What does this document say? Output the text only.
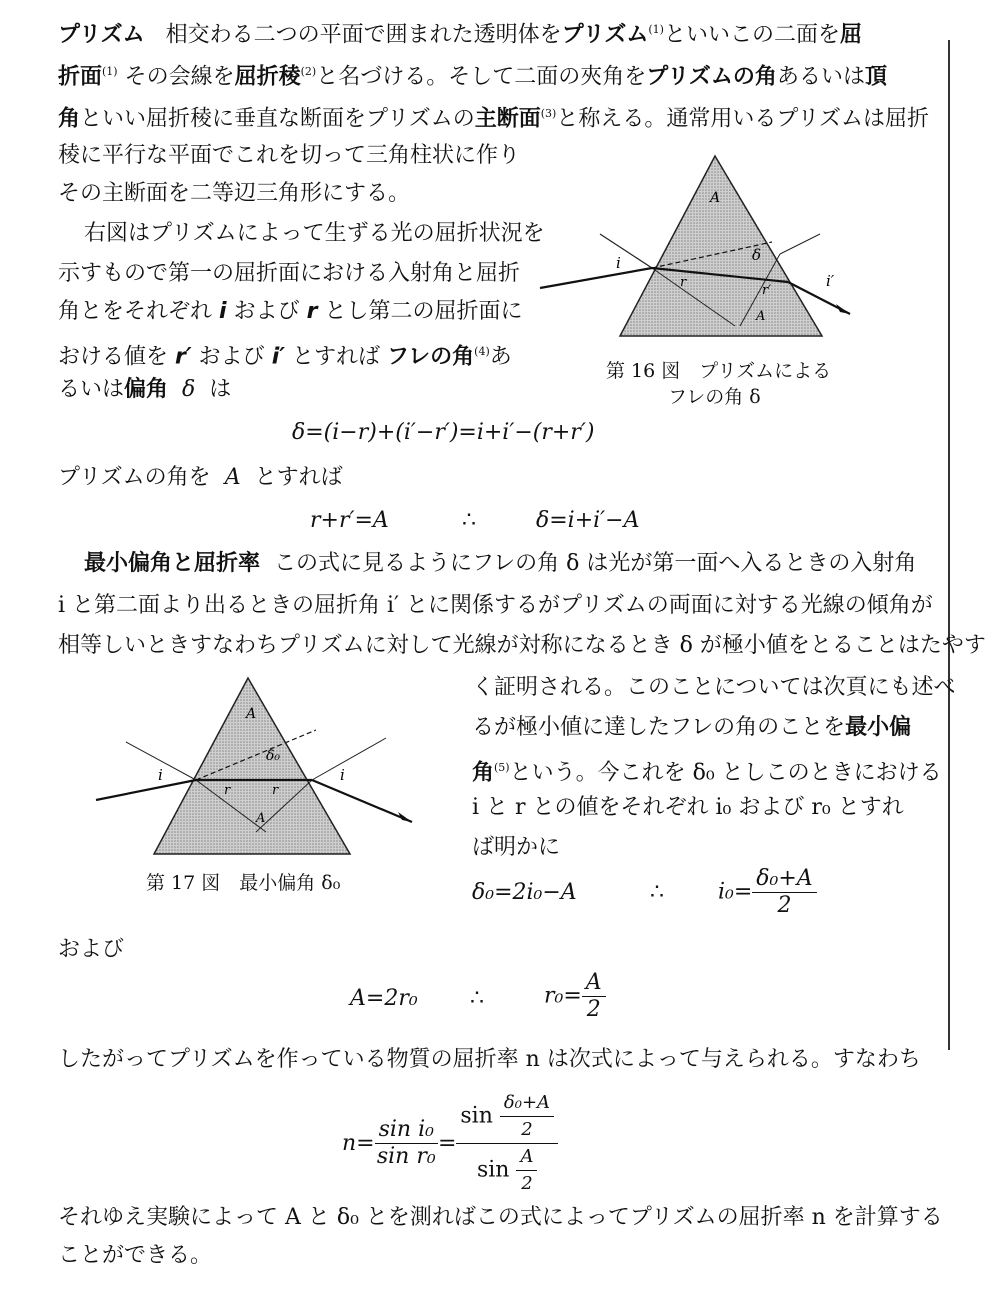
プリズム 相交わる二つの平面で囲まれた透明体をプリズム$^{(1)}$といいこの二面を屈
折面$^{(1)}$ その会線を屈折稜$^{(2)}$と名づける。そして二面の夾角をプリズムの角あるいは頂
角といい屈折稜に垂直な断面をプリズムの主断面$^{(3)}$と称える。通常用いるプリズムは屈折
稜に平行な平面でこれを切って三角柱状に作り
その主断面を二等辺三角形にする。
右図はプリズムによって生ずる光の屈折状況を
示すもので第一の屈折面における入射角と屈折
角とをそれぞれ i および r とし第二の屈折面に
おける値を r′ および i′ とすれば フレの角$^{(4)}$あ
るいは偏角 δ は
A
i
i′
r
r′
δ
A
第 16 図　プリズムによる
フレの角 δ
δ=(i−r)+(i′−r′)=i+i′−(r+r′)
プリズムの角を A とすれば
r+r′=A	∴	δ=i+i′−A
最小偏角と屈折率 この式に見るようにフレの角 δ は光が第一面へ入るときの入射角
i と第二面より出るときの屈折角 i′ とに関係するがプリズムの両面に対する光線の傾角が
相等しいときすなわちプリズムに対して光線が対称になるとき δ が極小値をとることはたやす
く証明される。このことについては次頁にも述べ
るが極小値に達したフレの角のことを最小偏
角$^{(5)}$という。今これを δ₀ としこのときにおける
i と r との値をそれぞれ i₀ および r₀ とすれ
ば明かに
A
i	i
r	r
δ₀
A
第 17 図　最小偏角 δ₀	δ₀=2i₀−A	∴ $i_0= \frac{\text{δ₀+A}}{2}$
および
A=2r₀ ∴	$r_0= \frac{A}{2}$
したがってプリズムを作っている物質の屈折率 n は次式によって与えられる。すなわち
$n= \frac{\text{sin i₀}}{\text{sin r₀}} = \frac{\sin \frac{\text{δ₀+A}}{2}}{\sin \frac{A}{2}}$
それゆえ実験によって A と δ₀ とを測ればこの式によってプリズムの屈折率 n を計算する
ことができる。
